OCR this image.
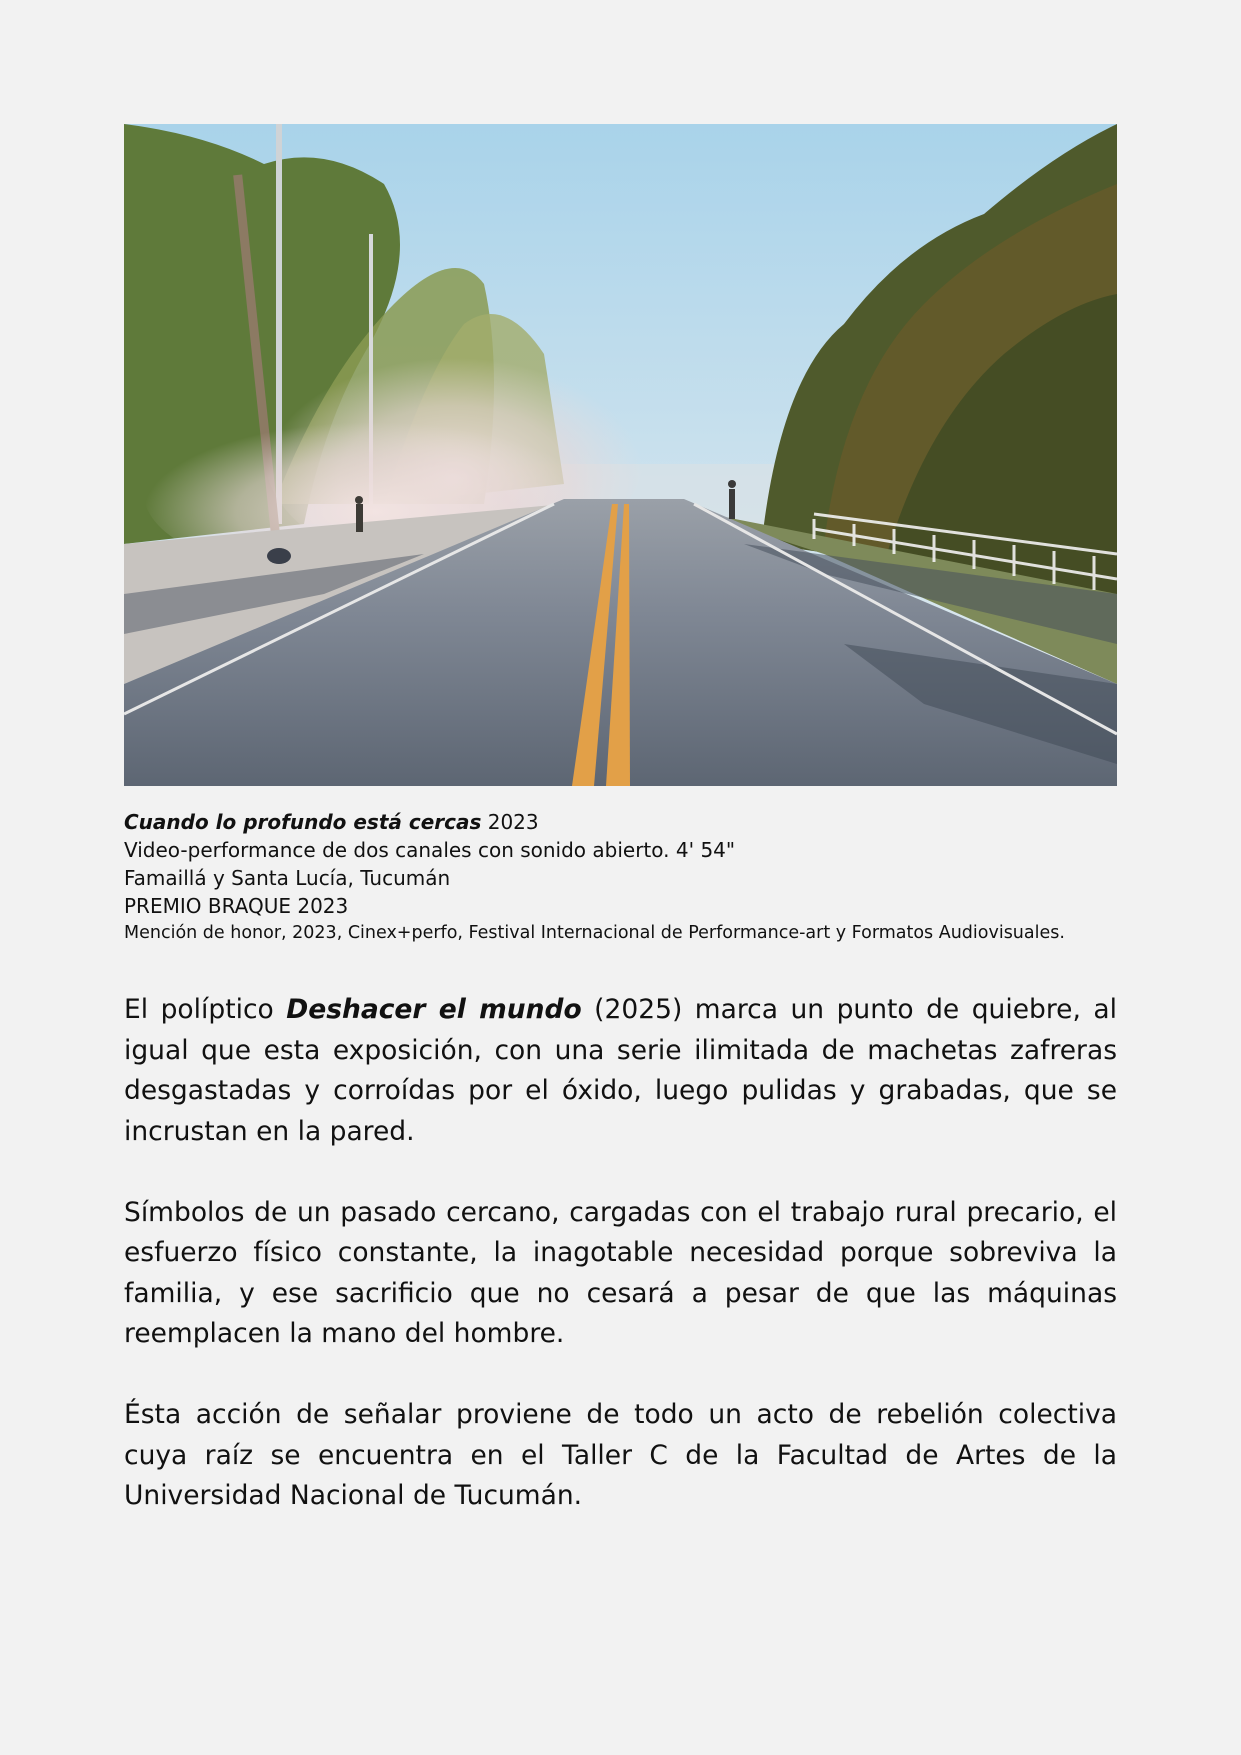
Cuando lo profundo está cercas 2023
Video-performance de dos canales con sonido abierto. 4' 54"
Famaillá y Santa Lucía, Tucumán
PREMIO BRAQUE 2023
Mención de honor, 2023, Cinex+perfo, Festival Internacional de Performance-art y Formatos Audiovisuales.

El políptico Deshacer el mundo (2025) marca un punto de quiebre, al igual que esta exposición, con una serie ilimitada de machetas zafreras desgastadas y corroídas por el óxido, luego pulidas y grabadas, que se incrustan en la pared.

Símbolos de un pasado cercano, cargadas con el trabajo rural precario, el esfuerzo físico constante, la inagotable necesidad porque sobreviva la familia, y ese sacrificio que no cesará a pesar de que las máquinas reemplacen la mano del hombre.

Ésta acción de señalar proviene de todo un acto de rebelión colectiva cuya raíz se encuentra en el Taller C de la Facultad de Artes de la Universidad Nacional de Tucumán.
